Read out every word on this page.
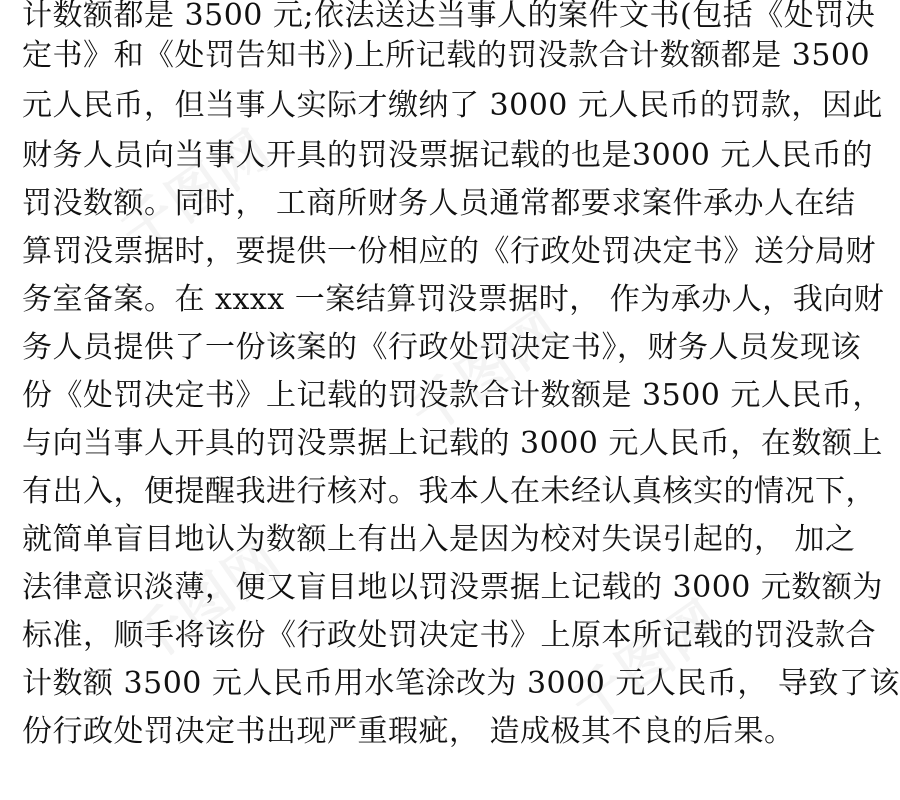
千图网
千图网
千图网	千图网
计数额都是 3500 元;依法送达当事人的案件文书(包括《处罚决
定书》和《处罚告知书》)上所记载的罚没款合计数额都是 3500
元人民币，但当事人实际才缴纳了 3000 元人民币的罚款，因此
财务人员向当事人开具的罚没票据记载的也是3000 元人民币的
罚没数额。同时， 工商所财务人员通常都要求案件承办人在结
算罚没票据时，要提供一份相应的《行政处罚决定书》送分局财
务室备案。在 xxxx 一案结算罚没票据时， 作为承办人，我向财
务人员提供了一份该案的《行政处罚决定书》，财务人员发现该
份《处罚决定书》上记载的罚没款合计数额是 3500 元人民币，
与向当事人开具的罚没票据上记载的 3000 元人民币，在数额上
有出入，便提醒我进行核对。我本人在未经认真核实的情况下，
就简单盲目地认为数额上有出入是因为校对失误引起的， 加之
法律意识淡薄，便又盲目地以罚没票据上记载的 3000 元数额为
标准，顺手将该份《行政处罚决定书》上原本所记载的罚没款合
计数额 3500 元人民币用水笔涂改为 3000 元人民币， 导致了该
份行政处罚决定书出现严重瑕疵， 造成极其不良的后果。
